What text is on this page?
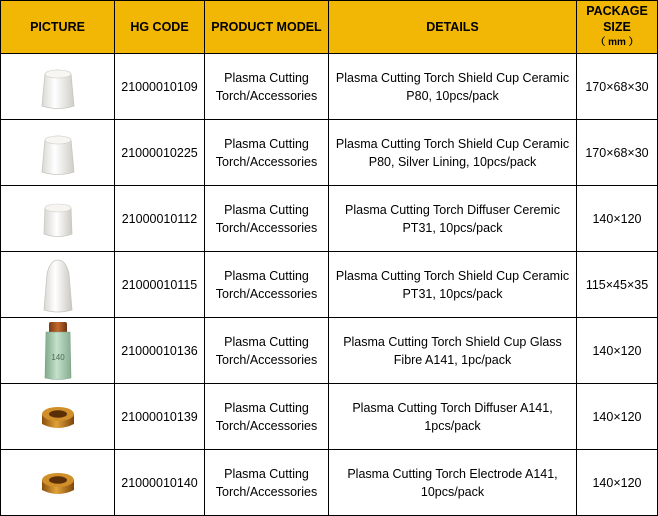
PICTURE	HG CODE	PRODUCT MODEL	DETAILS	PACKAGE
SIZE
（ mm ）

	21000010109	Plasma Cutting Torch/Accessories	Plasma Cutting Torch Shield Cup Ceramic P80, 10pcs/pack	170×68×30

	21000010225	Plasma Cutting Torch/Accessories	Plasma Cutting Torch Shield Cup Ceramic P80, Silver Lining, 10pcs/pack	170×68×30

	21000010112	Plasma Cutting Torch/Accessories	Plasma Cutting Torch Diffuser Ceremic PT31, 10pcs/pack	140×120

	21000010115	Plasma Cutting Torch/Accessories	Plasma Cutting Torch Shield Cup Ceramic PT31, 10pcs/pack	115×45×35

140	21000010136	Plasma Cutting Torch/Accessories	Plasma Cutting Torch Shield Cup Glass Fibre A141, 1pc/pack	140×120

	21000010139	Plasma Cutting Torch/Accessories	Plasma Cutting Torch Diffuser A141, 1pcs/pack	140×120

	21000010140	Plasma Cutting Torch/Accessories	Plasma Cutting Torch Electrode A141, 10pcs/pack	140×120
